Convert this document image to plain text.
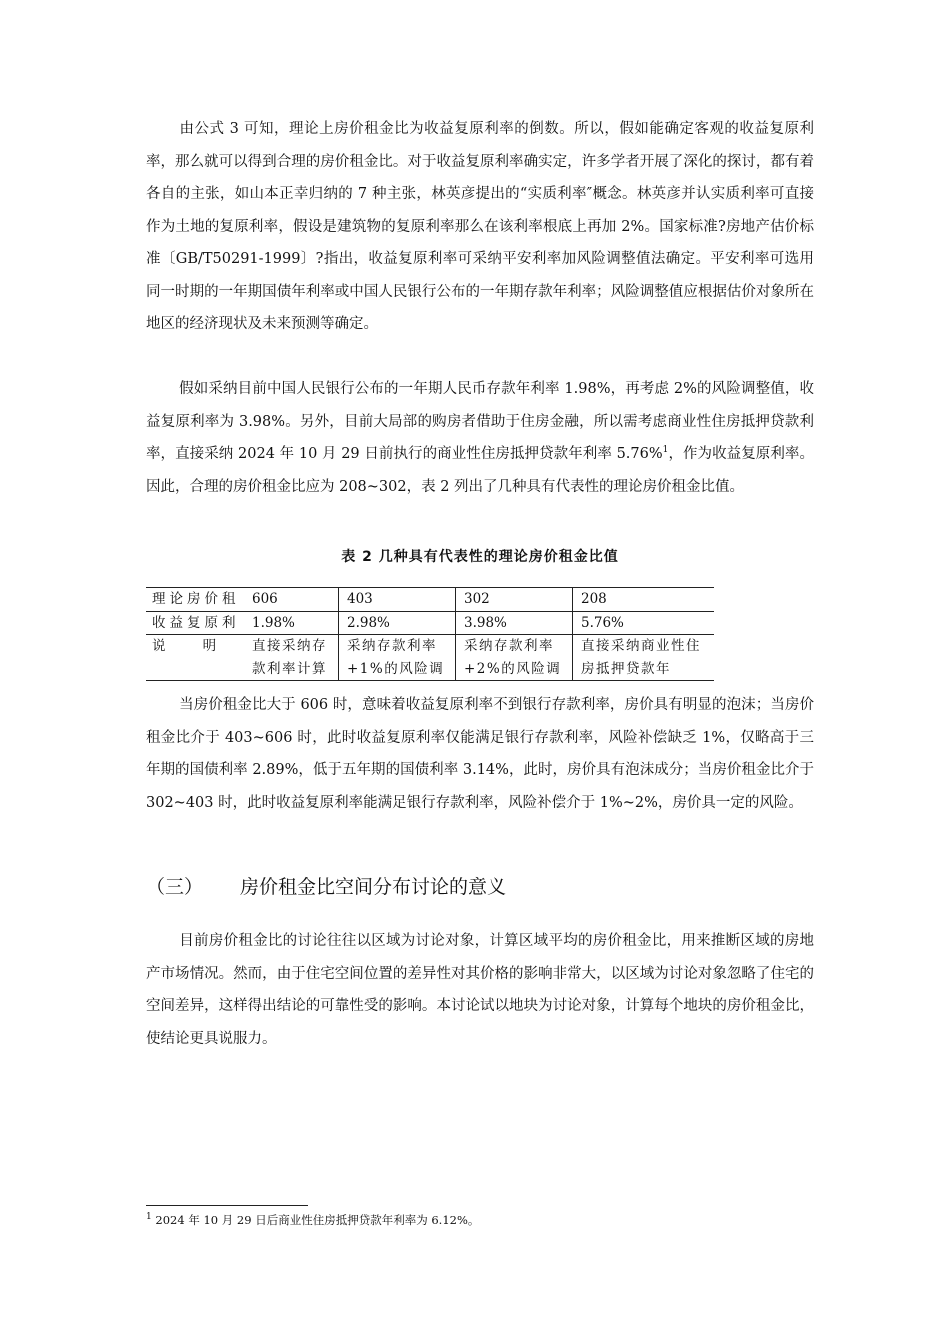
由公式 3 可知，理论上房价租金比为收益复原利率的倒数。所以，假如能确定客观的收益复原利率，那么就可以得到合理的房价租金比。对于收益复原利率确实定，许多学者开展了深化的探讨，都有着各自的主张，如山本正幸归纳的 7 种主张，林英彦提出的“实质利率″概念。林英彦并认实质利率可直接作为土地的复原利率，假设是建筑物的复原利率那么在该利率根底上再加 2%。国家标准?房地产估价标准〔GB/T50291-1999〕?指出，收益复原利率可采纳平安利率加风险调整值法确定。平安利率可选用同一时期的一年期国债年利率或中国人民银行公布的一年期存款年利率；风险调整值应根据估价对象所在地区的经济现状及未来预测等确定。

假如采纳目前中国人民银行公布的一年期人民币存款年利率 1.98%，再考虑 2%的风险调整值，收益复原利率为 3.98%。另外，目前大局部的购房者借助于住房金融，所以需考虑商业性住房抵押贷款利率，直接采纳 2024 年 10 月 29 日前执行的商业性住房抵押贷款年利率 5.76%$^1$，作为收益复原利率。因此，合理的房价租金比应为 208~302，表 2 列出了几种具有代表性的理论房价租金比值。

表 2 几种具有代表性的理论房价租金比值
理论房价租	606	403	302	208
收益复原利	1.98%	2.98%	3.98%	5.76%
说    明	直接采纳存款利率计算	采纳存款利率+1%的风险调	采纳存款利率+2%的风险调	直接采纳商业性住房抵押贷款年

当房价租金比大于 606 时，意味着收益复原利率不到银行存款利率，房价具有明显的泡沫；当房价租金比介于 403~606 时，此时收益复原利率仅能满足银行存款利率，风险补偿缺乏 1%，仅略高于三年期的国债利率 2.89%，低于五年期的国债利率 3.14%，此时，房价具有泡沫成分；当房价租金比介于 302~403 时，此时收益复原利率能满足银行存款利率，风险补偿介于 1%~2%，房价具一定的风险。

（三） 房价租金比空间分布讨论的意义

目前房价租金比的讨论往往以区域为讨论对象，计算区域平均的房价租金比，用来推断区域的房地产市场情况。然而，由于住宅空间位置的差异性对其价格的影响非常大，以区域为讨论对象忽略了住宅的空间差异，这样得出结论的可靠性受的影响。本讨论试以地块为讨论对象，计算每个地块的房价租金比，使结论更具说服力。

$^1$ 2024 年 10 月 29 日后商业性住房抵押贷款年利率为 6.12%。
